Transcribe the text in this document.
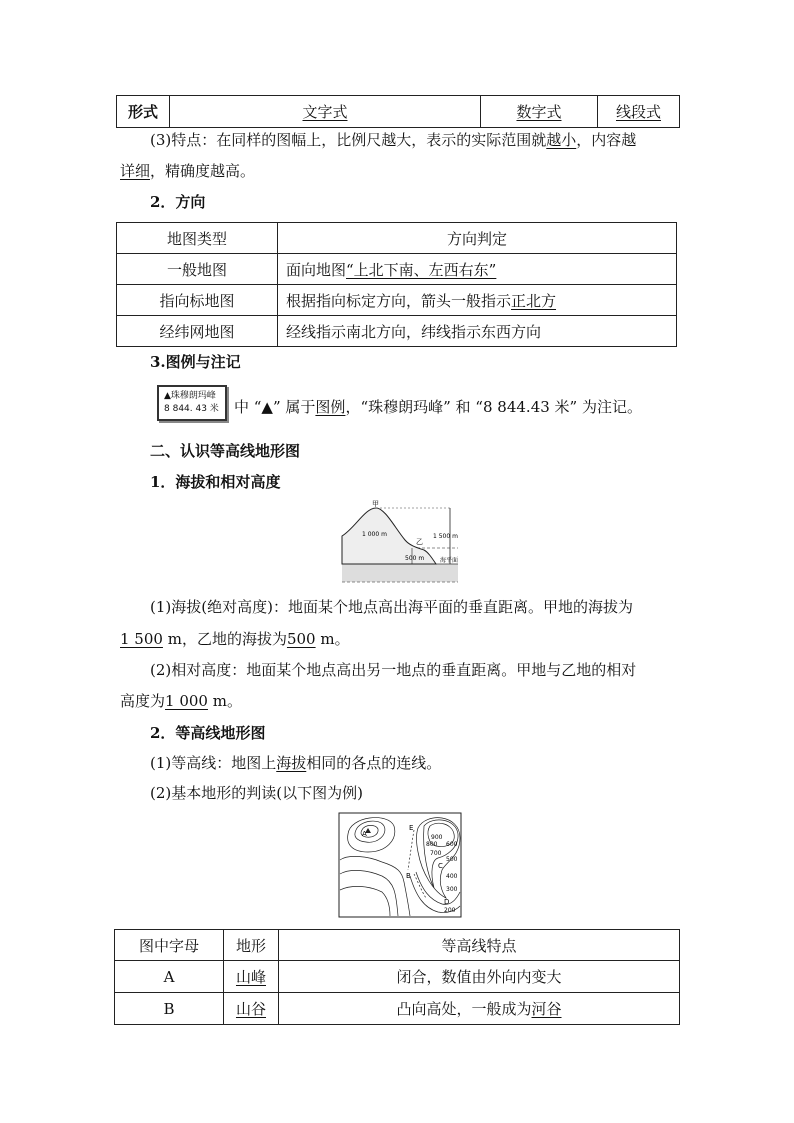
形式	文字式	数字式	线段式
(3)特点：在同样的图幅上，比例尺越大，表示的实际范围就越小，内容越
详细，精确度越高。
2．方向
地图类型	方向判定
一般地图	面向地图“上北下南、左西右东”
指向标地图	根据指向标定方向，箭头一般指示正北方
经纬网地图	经线指示南北方向，纬线指示东西方向
3.图例与注记
▲珠穆朗玛峰
8 844. 43 米	中 “▲” 属于图例，“珠穆朗玛峰” 和 “8 844.43 米” 为注记。
二、认识等高线地形图
1．海拔和相对高度
甲
乙
1 000 m	1 500 m
500 m	海平面
(1)海拔(绝对高度)：地面某个地点高出海平面的垂直距离。甲地的海拔为
1 500 m，乙地的海拔为500 m。
(2)相对高度：地面某个地点高出另一地点的垂直距离。甲地与乙地的相对
高度为1 000 m。
2．等高线地形图
(1)等高线：地图上海拔相同的各点的连线。
(2)基本地形的判读(以下图为例)
A
E
B
C
D
900
800
700
600
500
400
300
200
图中字母	地形	等高线特点
A	山峰	闭合，数值由外向内变大
B	山谷	凸向高处，一般成为河谷
